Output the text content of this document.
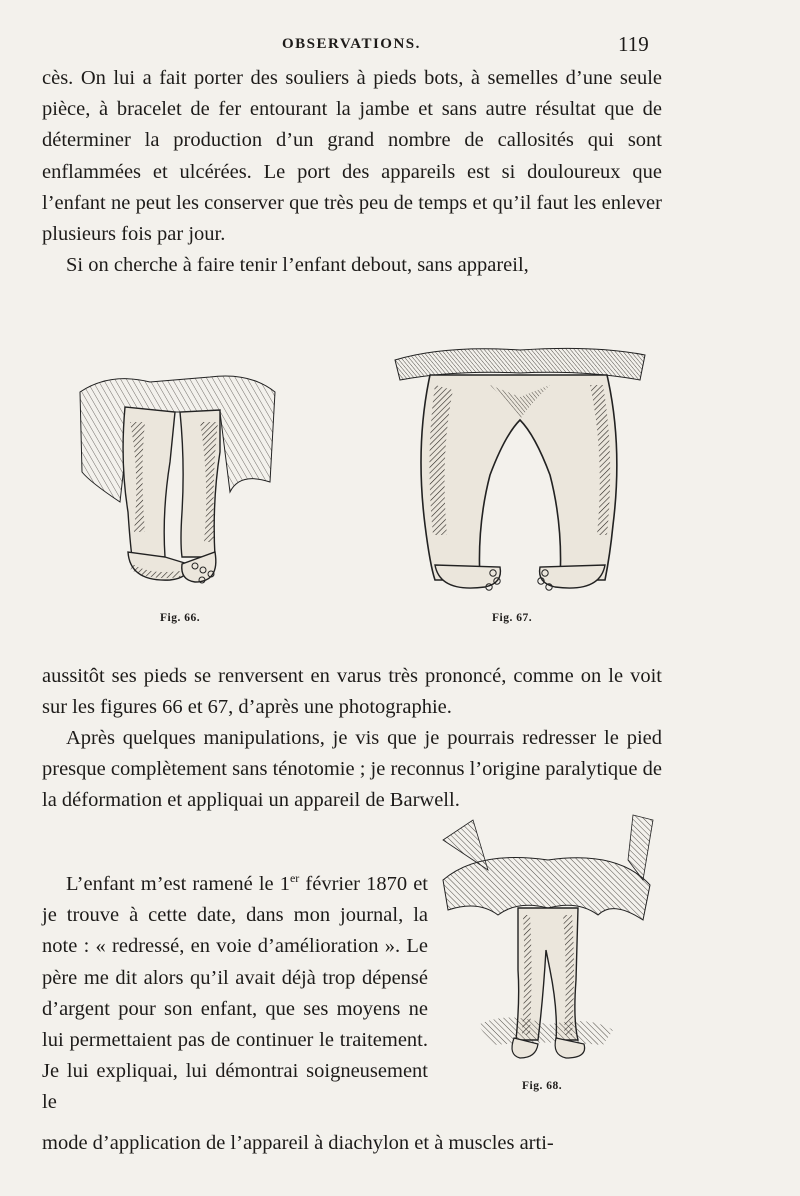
OBSERVATIONS.	119

cès. On lui a fait porter des souliers à pieds bots, à semelles d’une seule pièce, à bracelet de fer entourant la jambe et sans autre résultat que de déterminer la production d’un grand nombre de callosités qui sont enflammées et ulcérées. Le port des appareils est si douloureux que l’enfant ne peut les conserver que très peu de temps et qu’il faut les enlever plusieurs fois par jour.

Si on cherche à faire tenir l’enfant debout, sans appareil,

Fig. 66.	Fig. 67.

aussitôt ses pieds se renversent en varus très prononcé, comme on le voit sur les figures 66 et 67, d’après une photographie.

Après quelques manipulations, je vis que je pourrais redresser le pied presque complètement sans ténotomie ; je reconnus l’origine paralytique de la déformation et appliquai un appareil de Barwell.

L’enfant m’est ramené le 1er février 1870 et je trouve à cette date, dans mon journal, la note : « redressé, en voie d’amélioration ». Le père me dit alors qu’il avait déjà trop dépensé d’argent pour son enfant, que ses moyens ne lui permettaient pas de continuer le traitement. Je lui expliquai, lui démontrai soigneusement le

Fig. 68.

mode d’application de l’appareil à diachylon et à muscles arti-
